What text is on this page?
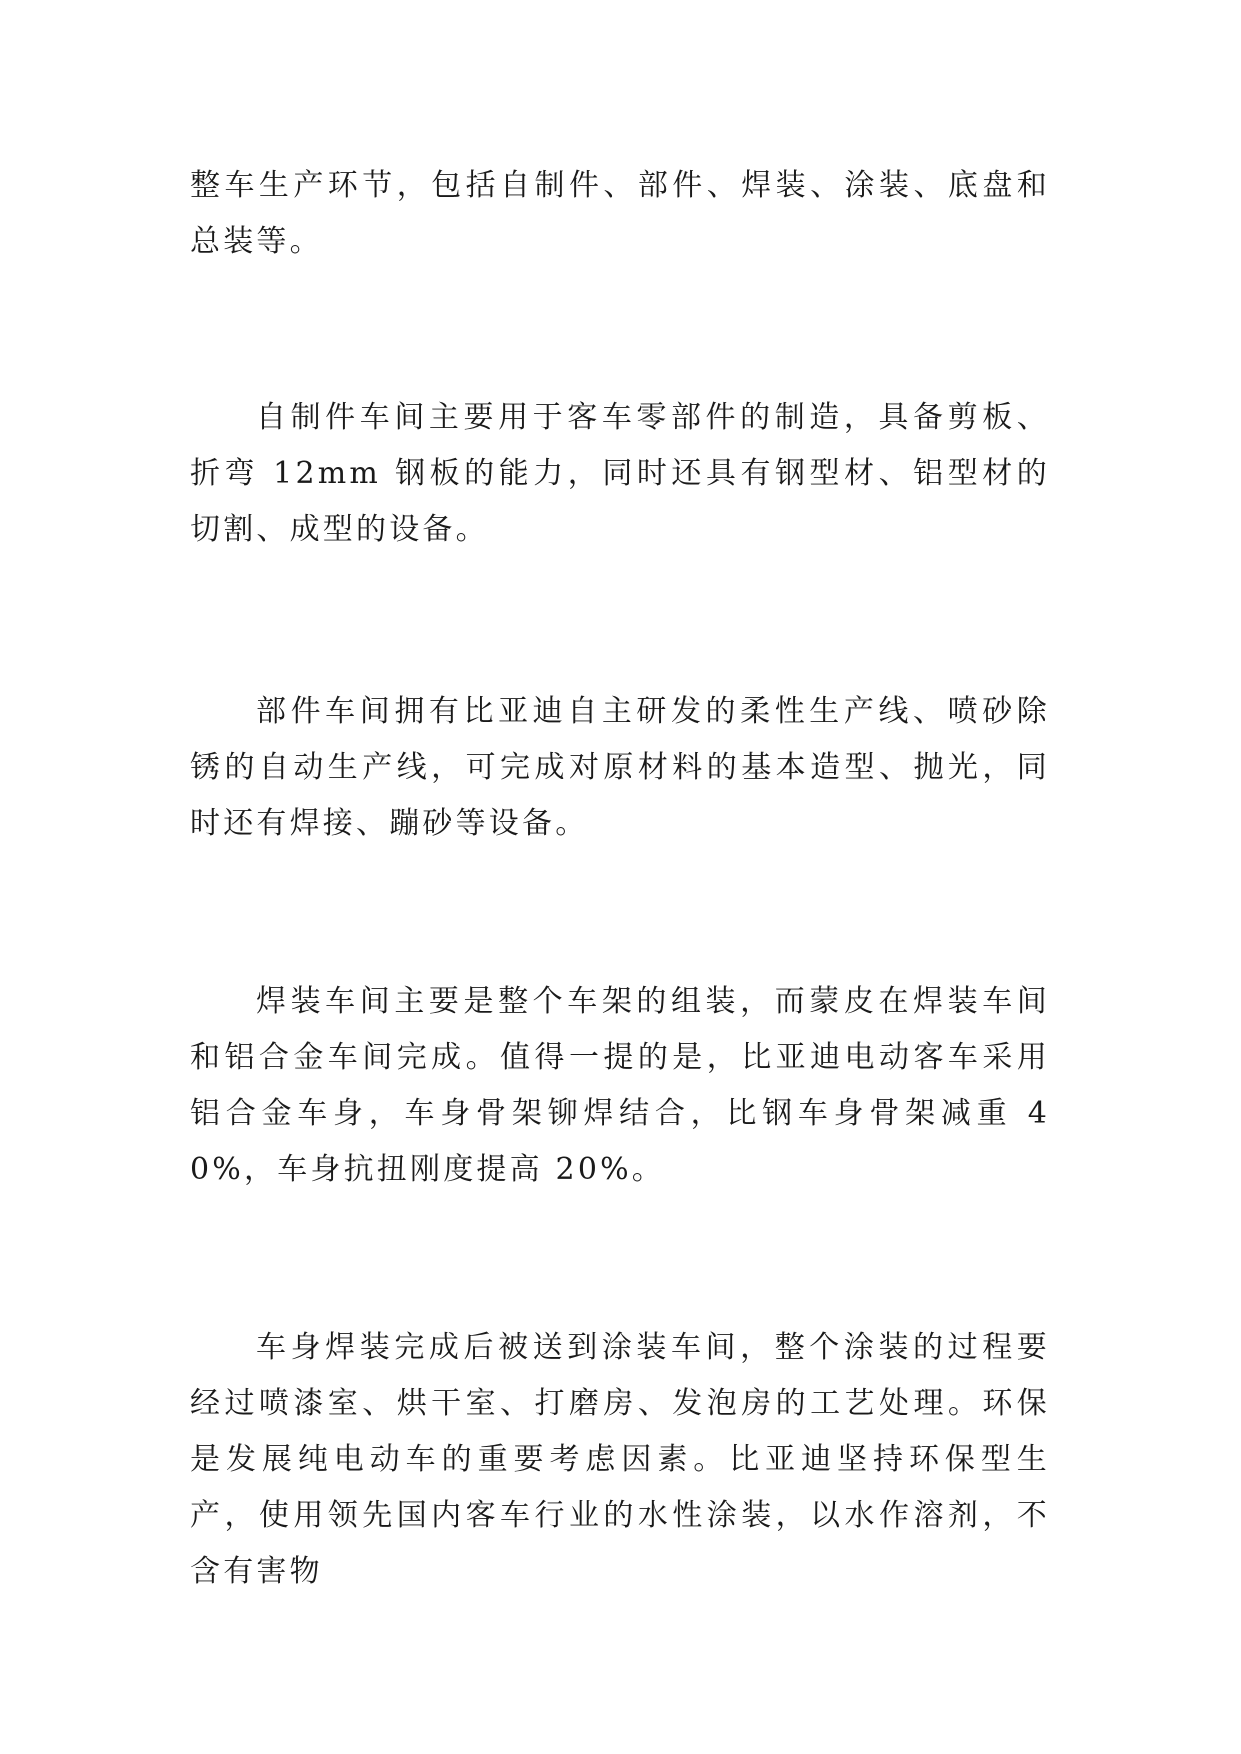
整车生产环节，包括自制件、部件、焊装、涂装、底盘和总装等。

自制件车间主要用于客车零部件的制造，具备剪板、折弯 12mm 钢板的能力，同时还具有钢型材、铝型材的切割、成型的设备。

部件车间拥有比亚迪自主研发的柔性生产线、喷砂除锈的自动生产线，可完成对原材料的基本造型、抛光，同时还有焊接、蹦砂等设备。

焊装车间主要是整个车架的组装，而蒙皮在焊装车间和铝合金车间完成。值得一提的是，比亚迪电动客车采用铝合金车身，车身骨架铆焊结合，比钢车身骨架减重 40%，车身抗扭刚度提高 20%。

车身焊装完成后被送到涂装车间，整个涂装的过程要经过喷漆室、烘干室、打磨房、发泡房的工艺处理。环保是发展纯电动车的重要考虑因素。比亚迪坚持环保型生产，使用领先国内客车行业的水性涂装，以水作溶剂，不含有害物
